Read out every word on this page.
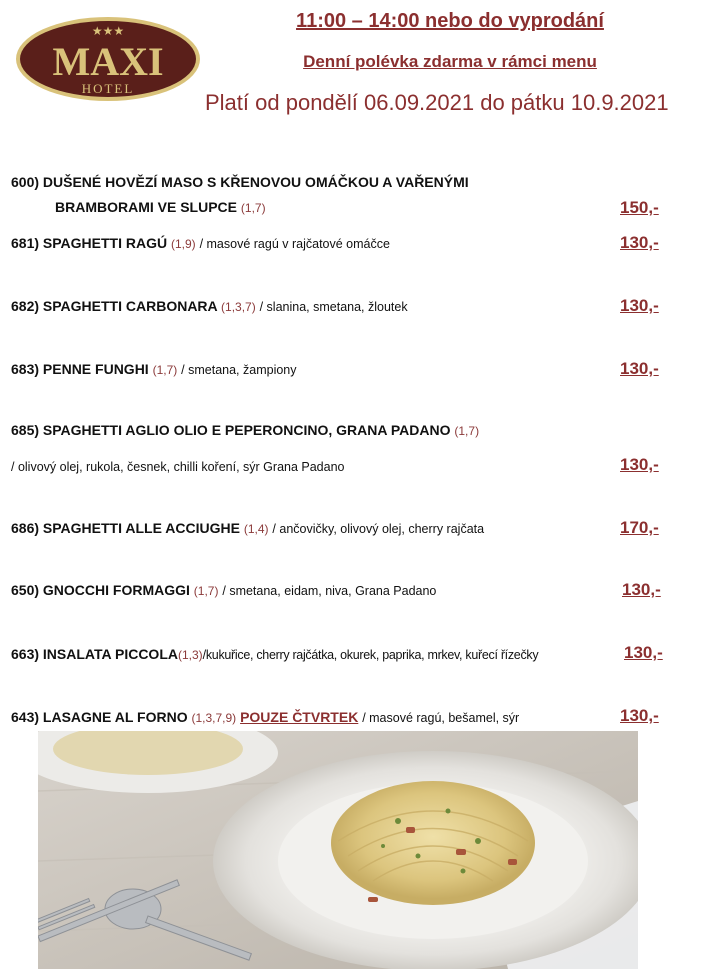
★★★
MAXI
HOTEL
11:00 – 14:00 nebo do vyprodání
Denní polévka zdarma v rámci menu
Platí od pondělí 06.09.2021 do pátku 10.9.2021
600) DUŠENÉ HOVĚZÍ MASO S KŘENOVOU OMÁČKOU A VAŘENÝMI
BRAMBORAMI VE SLUPCE (1,7)	150,-
681) SPAGHETTI RAGÚ (1,9) / masové ragú v rajčatové omáčce	130,-
682) SPAGHETTI CARBONARA (1,3,7) / slanina, smetana, žloutek	130,-
683) PENNE FUNGHI (1,7) / smetana, žampiony	130,-
685) SPAGHETTI AGLIO OLIO E PEPERONCINO, GRANA PADANO (1,7)
/ olivový olej, rukola, česnek, chilli koření, sýr Grana Padano	130,-
686) SPAGHETTI ALLE ACCIUGHE (1,4) / ančovičky, olivový olej, cherry rajčata	170,-
650) GNOCCHI FORMAGGI (1,7) / smetana, eidam, niva, Grana Padano	130,-
663) INSALATA PICCOLA(1,3)/kukuřice, cherry rajčátka, okurek, paprika, mrkev, kuřecí řízečky	130,-
643) LASAGNE AL FORNO (1,3,7,9) POUZE ČTVRTEK / masové ragú, bešamel, sýr	130,-
